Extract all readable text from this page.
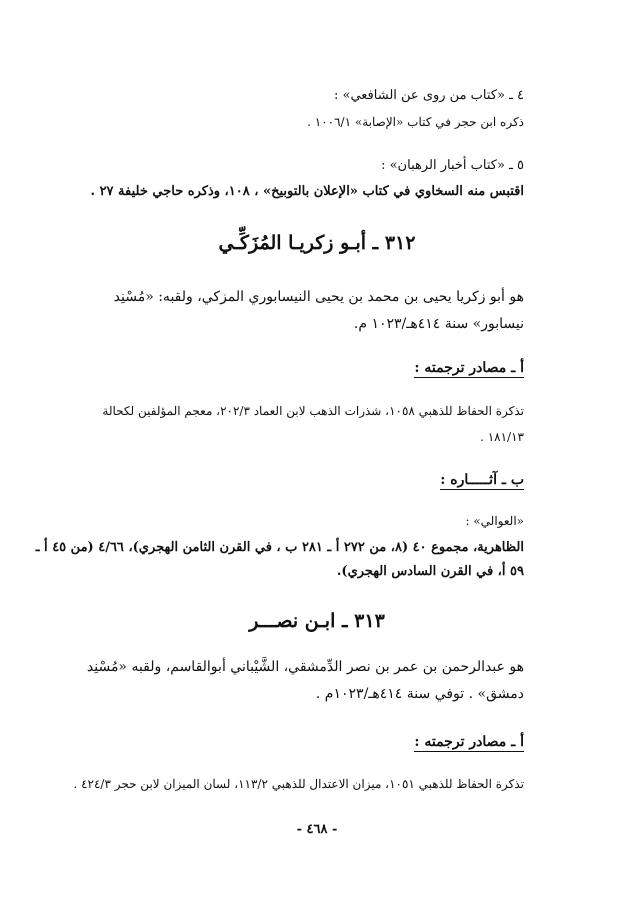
٤ ـ «كتاب من روى عن الشافعي» :
ذكره ابن حجر في كتاب «الإصابة» ١٠٠٦/١ .
٥ ـ «كتاب أخبار الرهبان» :
اقتبس منه السخاوي في كتاب «الإعلان بالتوبيخ» ، ١٠٨، وذكره حاجي خليفة ٢٧ .
٣١٢ ـ أبـو زكريـا المُزَكِّـي
هو أبو زكريا يحيى بن محمد بن يحيى النيسابوري المزكي، ولقبه: «مُسْنِد
نيسابور» سنة ٤١٤هـ/١٠٢٣ م.
أ ـ مصادر ترجمته :
تذكرة الحفاظ للذهبي ١٠٥٨، شذرات الذهب لابن العماد ٢٠٢/٣، معجم المؤلفين لكحالة
١٨١/١٣ .
ب ـ آثـــــاره :
«العوالي» :
الظاهرية، مجموع ٤٠ (٨، من ٢٧٢ أ ـ ٢٨١ ب ، في القرن الثامن الهجري)، ٤/٦٦ (من ٤٥ أ ـ
٥٩ أ، في القرن السادس الهجري).
٣١٣ ـ ابـن نصـــر
هو عبدالرحمن بن عمر بن نصر الدِّمشقي، الشَّيْباني أبوالقاسم، ولقبه «مُسْنِد
دمشق» . توفي سنة ٤١٤هـ/١٠٢٣م .
أ ـ مصادر ترجمته :
تذكرة الحفاظ للذهبي ١٠٥١، ميزان الاعتدال للذهبي ١١٣/٢، لسان الميزان لابن حجر ٤٢٤/٣ .
- ٤٦٨ -
